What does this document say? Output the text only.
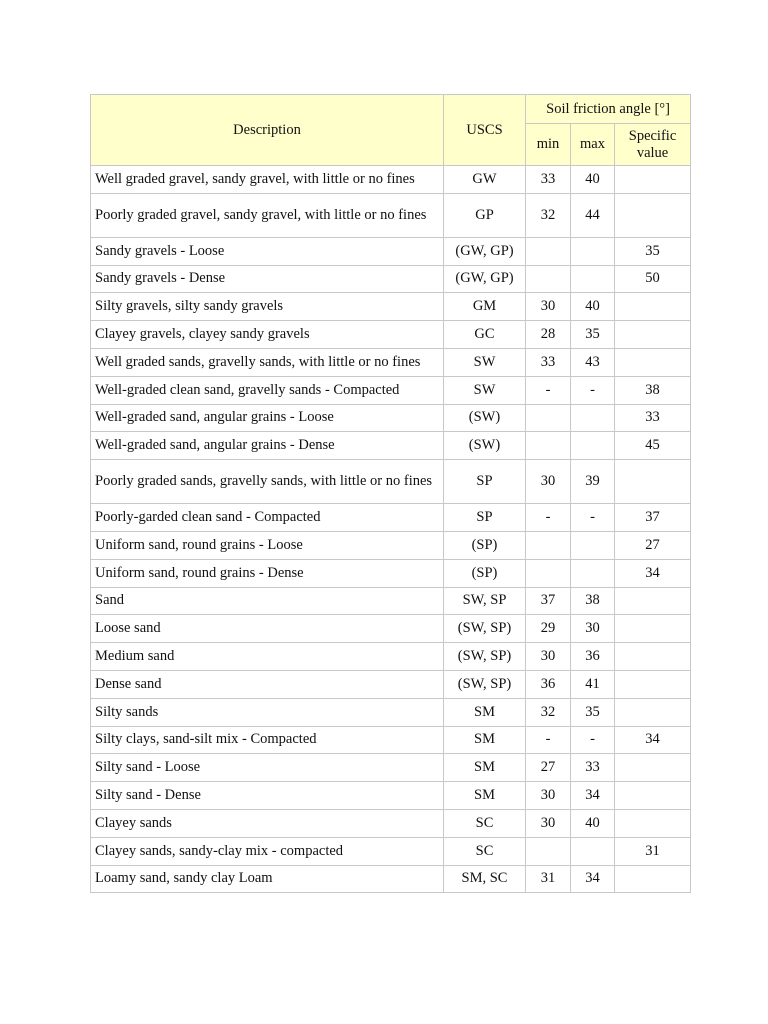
Description	USCS	Soil friction angle [°]		
		min	max	Specific value
Well graded gravel, sandy gravel, with little or no fines	GW	33	40	
Poorly graded gravel, sandy gravel, with little or no fines	GP	32	44	
Sandy gravels - Loose	(GW, GP)			35
Sandy gravels - Dense	(GW, GP)			50
Silty gravels, silty sandy gravels	GM	30	40	
Clayey gravels, clayey sandy gravels	GC	28	35	
Well graded sands, gravelly sands, with little or no fines	SW	33	43	
Well-graded clean sand, gravelly sands - Compacted	SW	-	-	38
Well-graded sand, angular grains - Loose	(SW)			33
Well-graded sand, angular grains - Dense	(SW)			45
Poorly graded sands, gravelly sands, with little or no fines	SP	30	39	
Poorly-garded clean sand - Compacted	SP	-	-	37
Uniform sand, round grains - Loose	(SP)			27
Uniform sand, round grains - Dense	(SP)			34
Sand	SW, SP	37	38	
Loose sand	(SW, SP)	29	30	
Medium sand	(SW, SP)	30	36	
Dense sand	(SW, SP)	36	41	
Silty sands	SM	32	35	
Silty clays, sand-silt mix - Compacted	SM	-	-	34
Silty sand - Loose	SM	27	33	
Silty sand - Dense	SM	30	34	
Clayey sands	SC	30	40	
Clayey sands, sandy-clay mix - compacted	SC			31
Loamy sand, sandy clay Loam	SM, SC	31	34	
